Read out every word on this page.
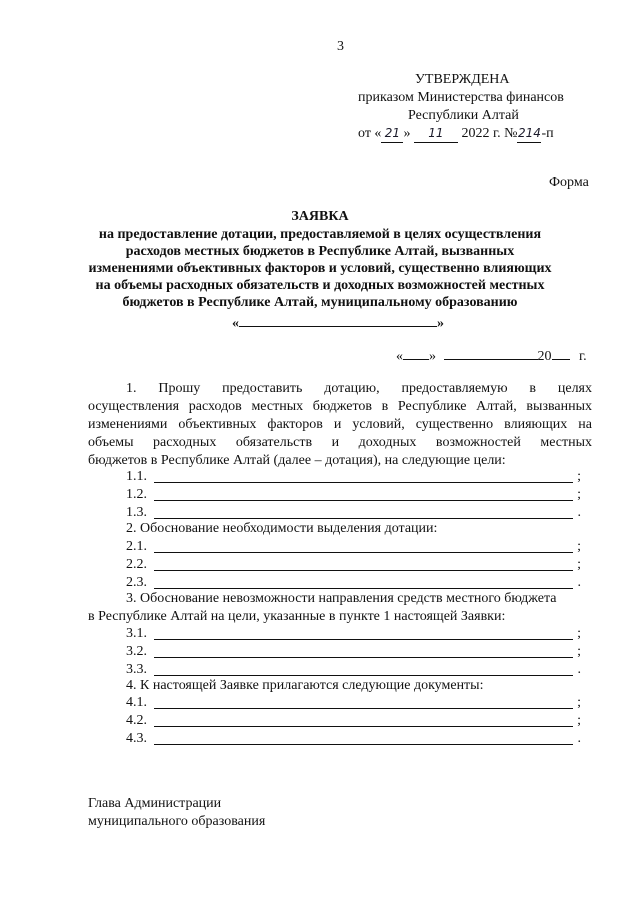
3
УТВЕРЖДЕНА
приказом Министерства финансов
Республики Алтай
от « 21 » 11 2022 г. №214-п
Форма
ЗАЯВКА
на предоставление дотации, предоставляемой в целях осуществления
расходов местных бюджетов в Республике Алтай, вызванных
изменениями объективных факторов и условий, существенно влияющих
на объемы расходных обязательств и доходных возможностей местных
бюджетов в Республике Алтай, муниципальному образованию
«	»
« »	20 г.
1. Прошу предоставить дотацию, предоставляемую в целях
осуществления расходов местных бюджетов в Республике Алтай, вызванных
изменениями объективных факторов и условий, существенно влияющих на
объемы расходных обязательств и доходных возможностей местных
бюджетов в Республике Алтай (далее – дотация), на следующие цели:
1.1.	;
1.2.	;
1.3.	.
2. Обоснование необходимости выделения дотации:
2.1.	;
2.2.	;
2.3.	.
3. Обоснование невозможности направления средств местного бюджета
в Республике Алтай на цели, указанные в пункте 1 настоящей Заявки:
3.1.	;
3.2.	;
3.3.	.
4. К настоящей Заявке прилагаются следующие документы:
4.1.	;
4.2.	;
4.3.	.
Глава Администрации
муниципального образования
